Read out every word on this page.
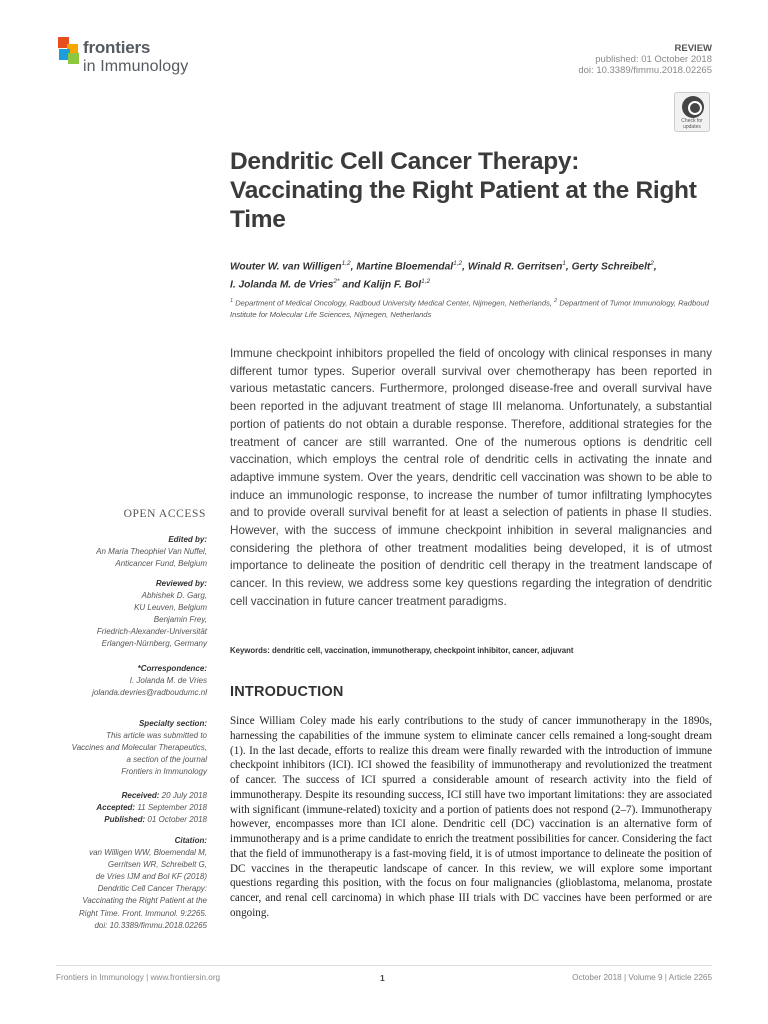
frontiers
in Immunology
REVIEW
published: 01 October 2018
doi: 10.3389/fimmu.2018.02265
Check for updates
Dendritic Cell Cancer Therapy: Vaccinating the Right Patient at the Right Time
Wouter W. van Willigen$^{1,2}$, Martine Bloemendal$^{1,2}$, Winald R. Gerritsen$^1$, Gerty Schreibelt$^2$,
I. Jolanda M. de Vries$^{2*}$ and Kalijn F. Bol$^{1,2}$
$^1$ Department of Medical Oncology, Radboud University Medical Center, Nijmegen, Netherlands, $^2$ Department of Tumor Immunology, Radboud Institute for Molecular Life Sciences, Nijmegen, Netherlands

Immune checkpoint inhibitors propelled the field of oncology with clinical responses in many different tumor types. Superior overall survival over chemotherapy has been reported in various metastatic cancers. Furthermore, prolonged disease-free and overall survival have been reported in the adjuvant treatment of stage III melanoma. Unfortunately, a substantial portion of patients do not obtain a durable response. Therefore, additional strategies for the treatment of cancer are still warranted. One of the numerous options is dendritic cell vaccination, which employs the central role of dendritic cells in activating the innate and adaptive immune system. Over the years, dendritic cell vaccination was shown to be able to induce an immunologic response, to increase the number of tumor infiltrating lymphocytes and to provide overall survival benefit for at least a selection of patients in phase II studies. However, with the success of immune checkpoint inhibition in several malignancies and considering the plethora of other treatment modalities being developed, it is of utmost importance to delineate the position of dendritic cell therapy in the treatment landscape of cancer. In this review, we address some key questions regarding the integration of dendritic cell vaccination in future cancer treatment paradigms.

Keywords: dendritic cell, vaccination, immunotherapy, checkpoint inhibitor, cancer, adjuvant
OPEN ACCESS
Edited by:
An Maria Theophiel Van Nuffel,
Anticancer Fund, Belgium
Reviewed by:
Abhishek D. Garg,
KU Leuven, Belgium
Benjamin Frey,
Friedrich-Alexander-Universität
Erlangen-Nürnberg, Germany
*Correspondence:
I. Jolanda M. de Vries
jolanda.devries@radboudumc.nl
Specialty section:
This article was submitted to
Vaccines and Molecular Therapeutics,
a section of the journal
Frontiers in Immunology
Received: 20 July 2018
Accepted: 11 September 2018
Published: 01 October 2018
Citation:
van Willigen WW, Bloemendal M,
Gerritsen WR, Schreibelt G,
de Vries IJM and Bol KF (2018)
Dendritic Cell Cancer Therapy:
Vaccinating the Right Patient at the
Right Time. Front. Immunol. 9:2265.
doi: 10.3389/fimmu.2018.02265
INTRODUCTION

Since William Coley made his early contributions to the study of cancer immunotherapy in the 1890s, harnessing the capabilities of the immune system to eliminate cancer cells remained a long-sought dream (1). In the last decade, efforts to realize this dream were finally rewarded with the introduction of immune checkpoint inhibitors (ICI). ICI showed the feasibility of immunotherapy and revolutionized the treatment of cancer. The success of ICI spurred a considerable amount of research activity into the field of immunotherapy. Despite its resounding success, ICI still have two important limitations: they are associated with significant (immune-related) toxicity and a portion of patients does not respond (2–7). Immunotherapy however, encompasses more than ICI alone. Dendritic cell (DC) vaccination is an alternative form of immunotherapy and is a prime candidate to enrich the treatment possibilities for cancer. Considering the fact that the field of immunotherapy is a fast-moving field, it is of utmost importance to delineate the position of DC vaccines in the therapeutic landscape of cancer. In this review, we will explore some important questions regarding this position, with the focus on four malignancies (glioblastoma, melanoma, prostate cancer, and renal cell carcinoma) in which phase III trials with DC vaccines have been performed or are ongoing.

Frontiers in Immunology | www.frontiersin.org	1	October 2018 | Volume 9 | Article 2265
